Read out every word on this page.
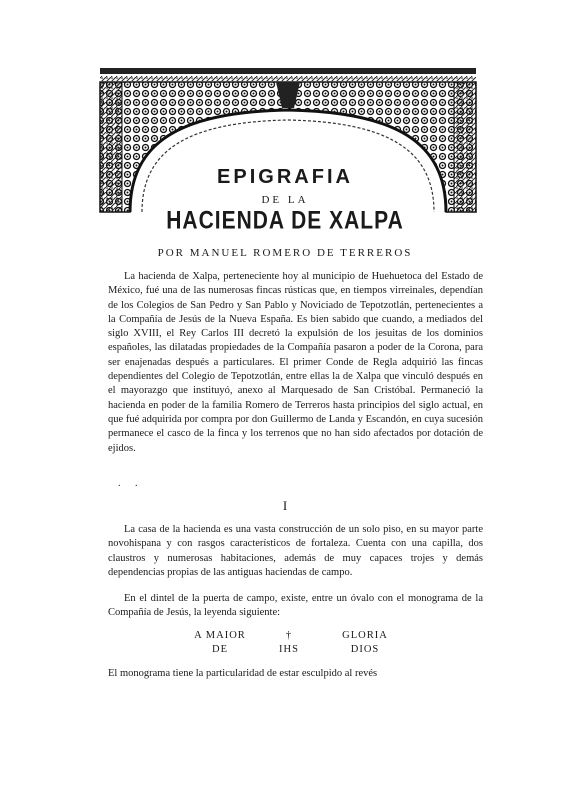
EPIGRAFIA
DE LA
HACIENDA DE XALPA
POR MANUEL ROMERO DE TERREROS
La hacienda de Xalpa, perteneciente hoy al municipio de Huehuetoca del Estado de México, fué una de las numerosas fincas rústicas que, en tiempos virreinales, dependían de los Colegios de San Pedro y San Pablo y Noviciado de Tepotzotlán, pertenecientes a la Compañía de Jesús de la Nueva España. Es bien sabido que cuando, a mediados del siglo XVIII, el Rey Carlos III decretó la expulsión de los jesuitas de los dominios españoles, las dilatadas propiedades de la Compañía pasaron a poder de la Corona, para ser enajenadas después a particulares. El primer Conde de Regla adquirió las fincas dependientes del Colegio de Tepotzotlán, entre ellas la de Xalpa que vinculó después en el mayorazgo que instituyó, anexo al Marquesado de San Cristóbal. Permaneció la hacienda en poder de la familia Romero de Terreros hasta principios del siglo actual, en que fué adquirida por compra por don Guillermo de Landa y Escandón, en cuya sucesión permanece el casco de la finca y los terrenos que no han sido afectados por dotación de ejidos.
. .
I
La casa de la hacienda es una vasta construcción de un solo piso, en su mayor parte novohispana y con rasgos característicos de fortaleza. Cuenta con una capilla, dos claustros y numerosas habitaciones, además de muy capaces trojes y demás dependencias propias de las antiguas haciendas de campo.
En el dintel de la puerta de campo, existe, entre un óvalo con el monograma de la Compañía de Jesús, la leyenda siguiente:
A MAIOR
DE
†
IHS
GLORIA
DIOS
El monograma tiene la particularidad de estar esculpido al revés
